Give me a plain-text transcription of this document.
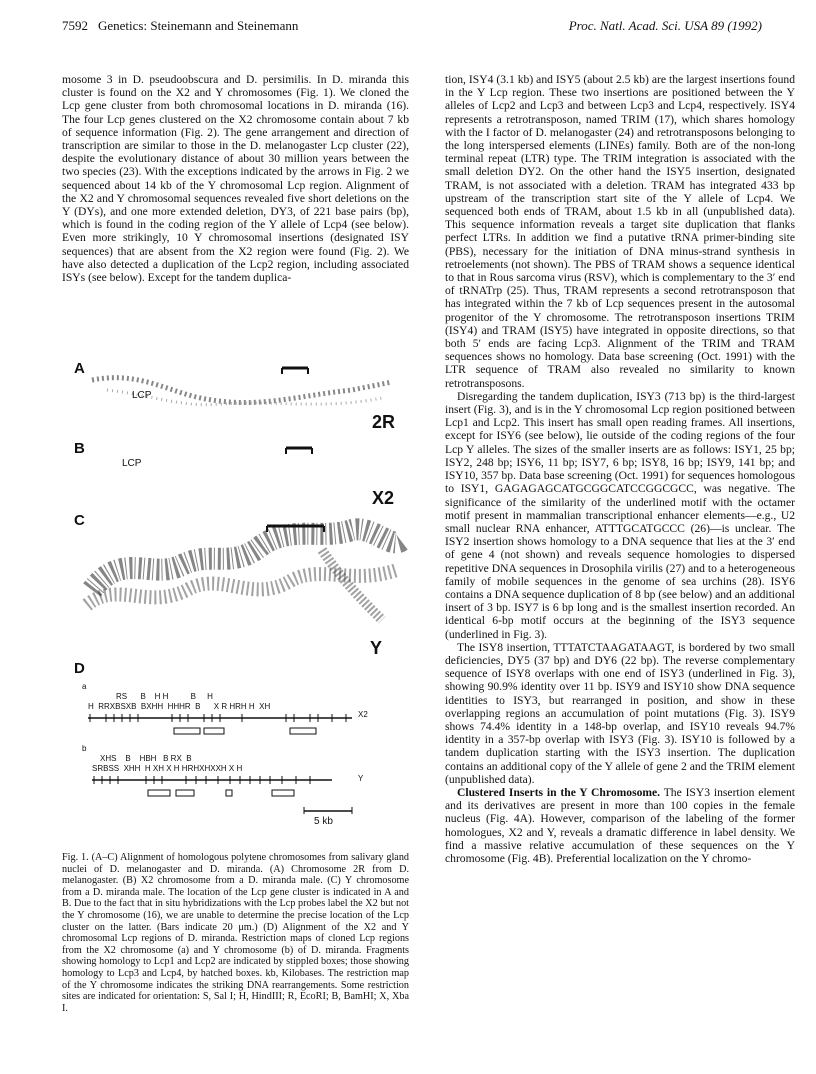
7592 Genetics: Steinemann and Steinemann	Proc. Natl. Acad. Sci. USA 89 (1992)

mosome 3 in D. pseudoobscura and D. persimilis. In D. miranda this cluster is found on the X2 and Y chromosomes (Fig. 1). We cloned the Lcp gene cluster from both chromosomal locations in D. miranda (16). The four Lcp genes clustered on the X2 chromosome contain about 7 kb of sequence information (Fig. 2). The gene arrangement and direction of transcription are similar to those in the D. melanogaster Lcp cluster (22), despite the evolutionary distance of about 30 million years between the two species (23). With the exceptions indicated by the arrows in Fig. 2 we sequenced about 14 kb of the Y chromosomal Lcp region. Alignment of the X2 and Y chromosomal sequences revealed five short deletions on the Y (DYs), and one more extended deletion, DY3, of 221 base pairs (bp), which is found in the coding region of the Y allele of Lcp4 (see below). Even more strikingly, 10 Y chromosomal insertions (designated ISY sequences) that are absent from the X2 region were found (Fig. 2). We have also detected a duplication of the Lcp2 region, including associated ISYs (see below). Except for the tandem duplica-

A
LCP
2R
B
LCP
X2
C
Y
D
a
RS      B    H H          B     H
H  RRXBSXB  BXHH  HHHR  B      X R HRH H  XH
X2
b
XHS    B    HBH   B RX  B
SRBSS  XHH  H XH X H HRHXHXXH X H
Y
5 kb

Fig. 1. (A–C) Alignment of homologous polytene chromosomes from salivary gland nuclei of D. melanogaster and D. miranda. (A) Chromosome 2R from D. melanogaster. (B) X2 chromosome from a D. miranda male. (C) Y chromosome from a D. miranda male. The location of the Lcp gene cluster is indicated in A and B. Due to the fact that in situ hybridizations with the Lcp probes label the X2 but not the Y chromosome (16), we are unable to determine the precise location of the Lcp cluster on the latter. (Bars indicate 20 μm.) (D) Alignment of the X2 and Y chromosomal Lcp regions of D. miranda. Restriction maps of cloned Lcp regions from the X2 chromosome (a) and Y chromosome (b) of D. miranda. Fragments showing homology to Lcp1 and Lcp2 are indicated by stippled boxes; those showing homology to Lcp3 and Lcp4, by hatched boxes. kb, Kilobases. The restriction map of the Y chromosome indicates the striking DNA rearrangements. Some restriction sites are indicated for orientation: S, Sal I; H, HindIII; R, EcoRI; B, BamHI; X, Xba I.

tion, ISY4 (3.1 kb) and ISY5 (about 2.5 kb) are the largest insertions found in the Y Lcp region. These two insertions are positioned between the Y alleles of Lcp2 and Lcp3 and between Lcp3 and Lcp4, respectively. ISY4 represents a retrotransposon, named TRIM (17), which shares homology with the I factor of D. melanogaster (24) and retrotransposons belonging to the long interspersed elements (LINEs) family. Both are of the non-long terminal repeat (LTR) type. The TRIM integration is associated with the small deletion DY2. On the other hand the ISY5 insertion, designated TRAM, is not associated with a deletion. TRAM has integrated 433 bp upstream of the transcription start site of the Y allele of Lcp4. We sequenced both ends of TRAM, about 1.5 kb in all (unpublished data). This sequence information reveals a target site duplication that flanks perfect LTRs. In addition we find a putative tRNA primer-binding site (PBS), necessary for the initiation of DNA minus-strand synthesis in retroelements (not shown). The PBS of TRAM shows a sequence identical to that in Rous sarcoma virus (RSV), which is complementary to the 3′ end of tRNATrp (25). Thus, TRAM represents a second retrotransposon that has integrated within the 7 kb of Lcp sequences present in the autosomal progenitor of the Y chromosome. The retrotransposon insertions TRIM (ISY4) and TRAM (ISY5) have integrated in opposite directions, so that both 5′ ends are facing Lcp3. Alignment of the TRIM and TRAM sequences shows no homology. Data base screening (Oct. 1991) with the LTR sequence of TRAM also revealed no similarity to known retrotransposons.

Disregarding the tandem duplication, ISY3 (713 bp) is the third-largest insert (Fig. 3), and is in the Y chromosomal Lcp region positioned between Lcp1 and Lcp2. This insert has small open reading frames. All insertions, except for ISY6 (see below), lie outside of the coding regions of the four Lcp Y alleles. The sizes of the smaller inserts are as follows: ISY1, 25 bp; ISY2, 248 bp; ISY6, 11 bp; ISY7, 6 bp; ISY8, 16 bp; ISY9, 141 bp; and ISY10, 357 bp. Data base screening (Oct. 1991) for sequences homologous to ISY1, GAGAGAGCATGCGGCATCCGGCGCC, was negative. The significance of the similarity of the underlined motif with the octamer motif present in mammalian transcriptional enhancer elements—e.g., U2 small nuclear RNA enhancer, ATTTGCATGCCC (26)—is unclear. The ISY2 insertion shows homology to a DNA sequence that lies at the 3′ end of gene 4 (not shown) and reveals sequence homologies to dispersed repetitive DNA sequences in Drosophila virilis (27) and to a heterogeneous family of mobile sequences in the genome of sea urchins (28). ISY6 contains a DNA sequence duplication of 8 bp (see below) and an additional insert of 3 bp. ISY7 is 6 bp long and is the smallest insertion recorded. An identical 6-bp motif occurs at the beginning of the ISY3 sequence (underlined in Fig. 3).

The ISY8 insertion, TTTATCTAAGATAAGT, is bordered by two small deficiencies, DY5 (37 bp) and DY6 (22 bp). The reverse complementary sequence of ISY8 overlaps with one end of ISY3 (underlined in Fig. 3), showing 90.9% identity over 11 bp. ISY9 and ISY10 show DNA sequence identities to ISY3, but rearranged in position, and show in these overlapping regions an accumulation of point mutations (Fig. 3). ISY9 shows 74.4% identity in a 148-bp overlap, and ISY10 reveals 94.7% identity in a 357-bp overlap with ISY3 (Fig. 3). ISY10 is followed by a tandem duplication starting with the ISY3 insertion. The duplication contains an additional copy of the Y allele of gene 2 and the TRIM element (unpublished data).

Clustered Inserts in the Y Chromosome. The ISY3 insertion element and its derivatives are present in more than 100 copies in the female nucleus (Fig. 4A). However, comparison of the labeling of the former homologues, X2 and Y, reveals a dramatic difference in label density. We find a massive relative accumulation of these sequences on the Y chromosome (Fig. 4B). Preferential localization on the Y chromo-
